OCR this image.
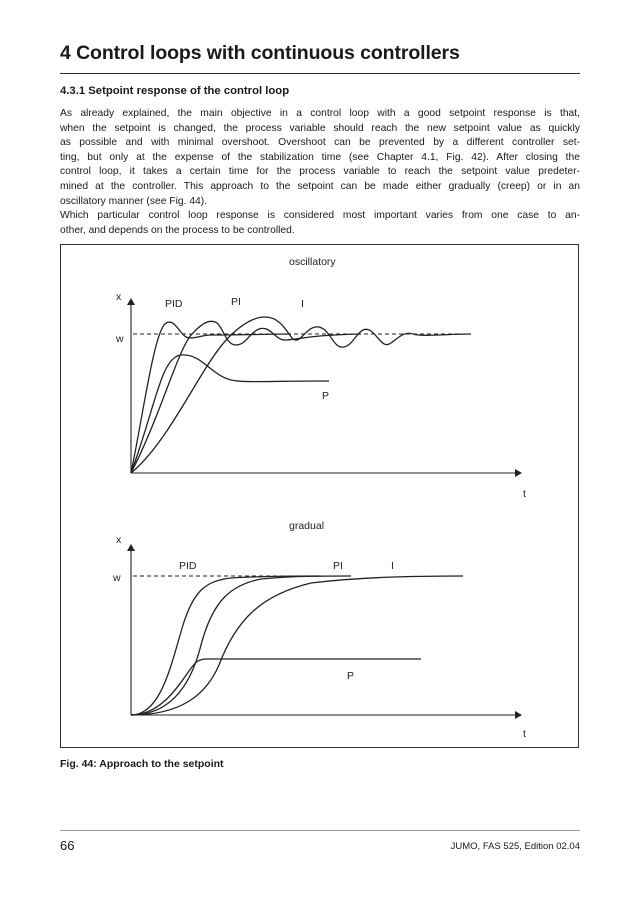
4 Control loops with continuous controllers
4.3.1 Setpoint response of the control loop
As already explained, the main objective in a control loop with a good setpoint response is that,
when the setpoint is changed, the process variable should reach the new setpoint value as quickly
as possible and with minimal overshoot. Overshoot can be prevented by a different controller set-
ting, but only at the expense of the stabilization time (see Chapter 4.1, Fig. 42). After closing the
control loop, it takes a certain time for the process variable to reach the setpoint value predeter-
mined at the controller. This approach to the setpoint can be made either gradually (creep) or in an
oscillatory manner (see Fig. 44).
Which particular control loop response is considered most important varies from one case to an-
other, and depends on the process to be controlled.
oscillatory
x
w
t
PID	PI	I
P
gradual
x
w
t
PID	PI	I
P
Fig. 44: Approach to the setpoint
66	JUMO, FAS 525, Edition 02.04
